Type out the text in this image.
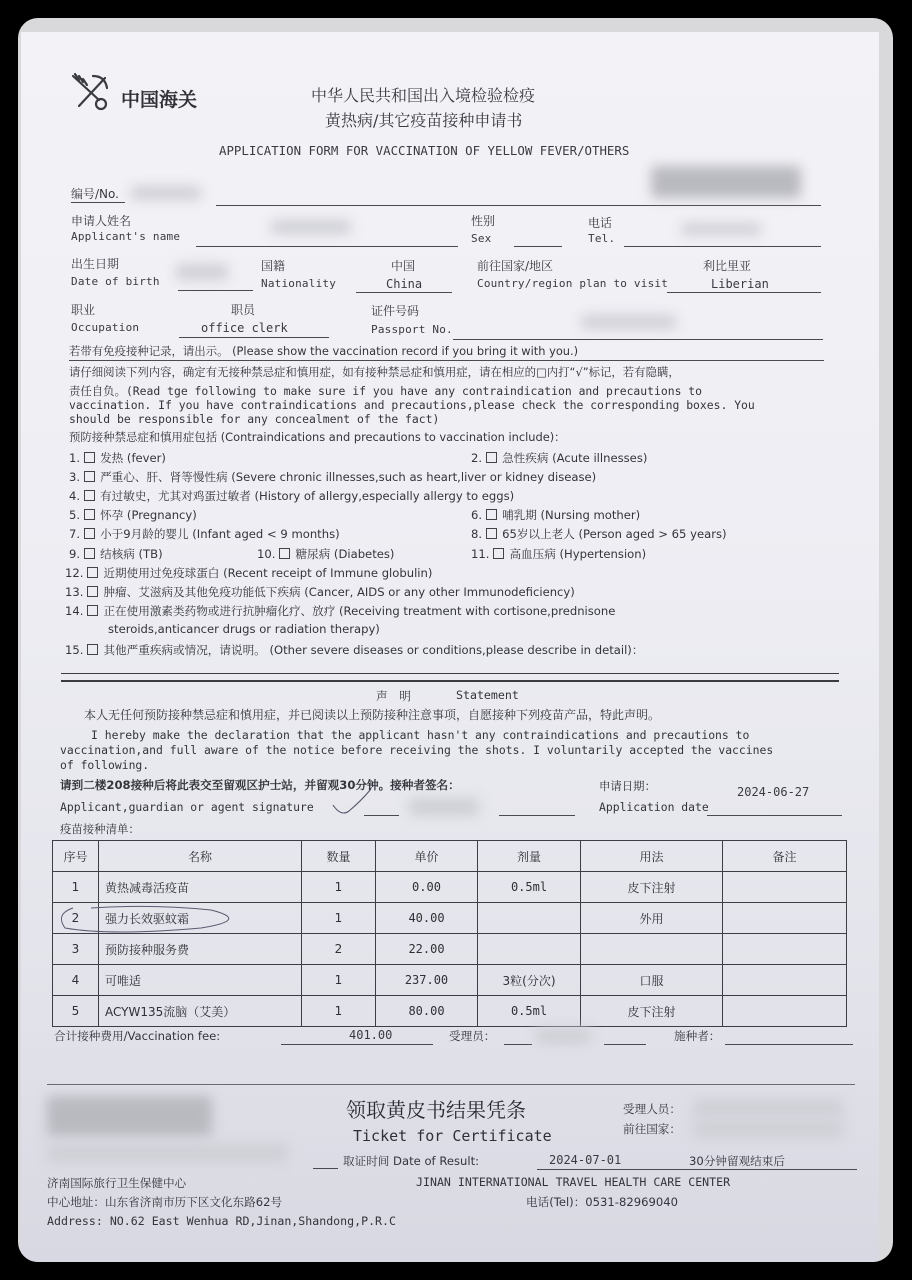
中国海关	中华人民共和国出入境检验检疫
黄热病/其它疫苗接种申请书
APPLICATION FORM FOR VACCINATION OF YELLOW FEVER/OTHERS
编号/No.
申请人姓名
Applicant's name
性别
Sex
电话
Tel.
出生日期
Date of birth
国籍
Nationality
中国
China
前往国家/地区
Country/region plan to visit
利比里亚
Liberian
职业
Occupation
职员
office clerk
证件号码
Passport No.
若带有免疫接种记录，请出示。 (Please show the vaccination record if you bring it with you.)
请仔细阅读下列内容，确定有无接种禁忌症和慎用症，如有接种禁忌症和慎用症，请在相应的□内打“√”标记，若有隐瞒，
责任自负。(Read tge following to make sure if you have any contraindication and precautions to
vaccination. If you have contraindications and precautions,please check the corresponding boxes. You
should be responsible for any concealment of the fact)
预防接种禁忌症和慎用症包括 (Contraindications and precautions to vaccination include)：
1. 发热 (fever)	2. 急性疾病 (Acute illnesses)
3. 严重心、肝、肾等慢性病 (Severe chronic illnesses,such as heart,liver or kidney disease)
4. 有过敏史，尤其对鸡蛋过敏者 (History of allergy,especially allergy to eggs)
5. 怀孕 (Pregnancy)	6. 哺乳期 (Nursing mother)
7. 小于9月龄的婴儿 (Infant aged < 9 months)	8. 65岁以上老人 (Person aged > 65 years)
9. 结核病 (TB)	10. 糖尿病 (Diabetes)	11. 高血压病 (Hypertension)
12. 近期使用过免疫球蛋白 (Recent receipt of Immune globulin)
13. 肿瘤、艾滋病及其他免疫功能低下疾病 (Cancer, AIDS or any other Immunodeficiency)
14. 正在使用激素类药物或进行抗肿瘤化疗、放疗 (Receiving treatment with cortisone,prednisone
steroids,anticancer drugs or radiation therapy)
15. 其他严重疾病或情况，请说明。 (Other severe diseases or conditions,please describe in detail)：
声　明	Statement
本人无任何预防接种禁忌症和慎用症，并已阅读以上预防接种注意事项，自愿接种下列疫苗产品，特此声明。
I hereby make the declaration that the applicant hasn't any contraindications and precautions to
vaccination,and full aware of the notice before receiving the shots. I voluntarily accepted the vaccines
of following.
请到二楼208接种后将此表交至留观区护士站，并留观30分钟。接种者签名：
Applicant,guardian or agent signature
申请日期：
Application date
2024-06-27
疫苗接种清单：
序号	名称	数量	单价	剂量	用法	备注
1	黄热减毒活疫苗	1	0.00	0.5ml	皮下注射	
2	强力长效驱蚊霜	1	40.00		外用	
3	预防接种服务费	2	22.00			
4	可唯适	1	237.00	3粒(分次)	口服	
5	ACYW135流脑（艾美）	1	80.00	0.5ml	皮下注射	
合计接种费用/Vaccination fee:	401.00	受理员：	施种者：
领取黄皮书结果凭条
Ticket for Certificate
受理人员：
前往国家：
取证时间 Date of Result:	2024-07-01	30分钟留观结束后
济南国际旅行卫生保健中心	JINAN INTERNATIONAL TRAVEL HEALTH CARE CENTER
中心地址：山东省济南市历下区文化东路62号	电话(Tel)：0531-82969040
Address: NO.62 East Wenhua RD,Jinan,Shandong,P.R.C
